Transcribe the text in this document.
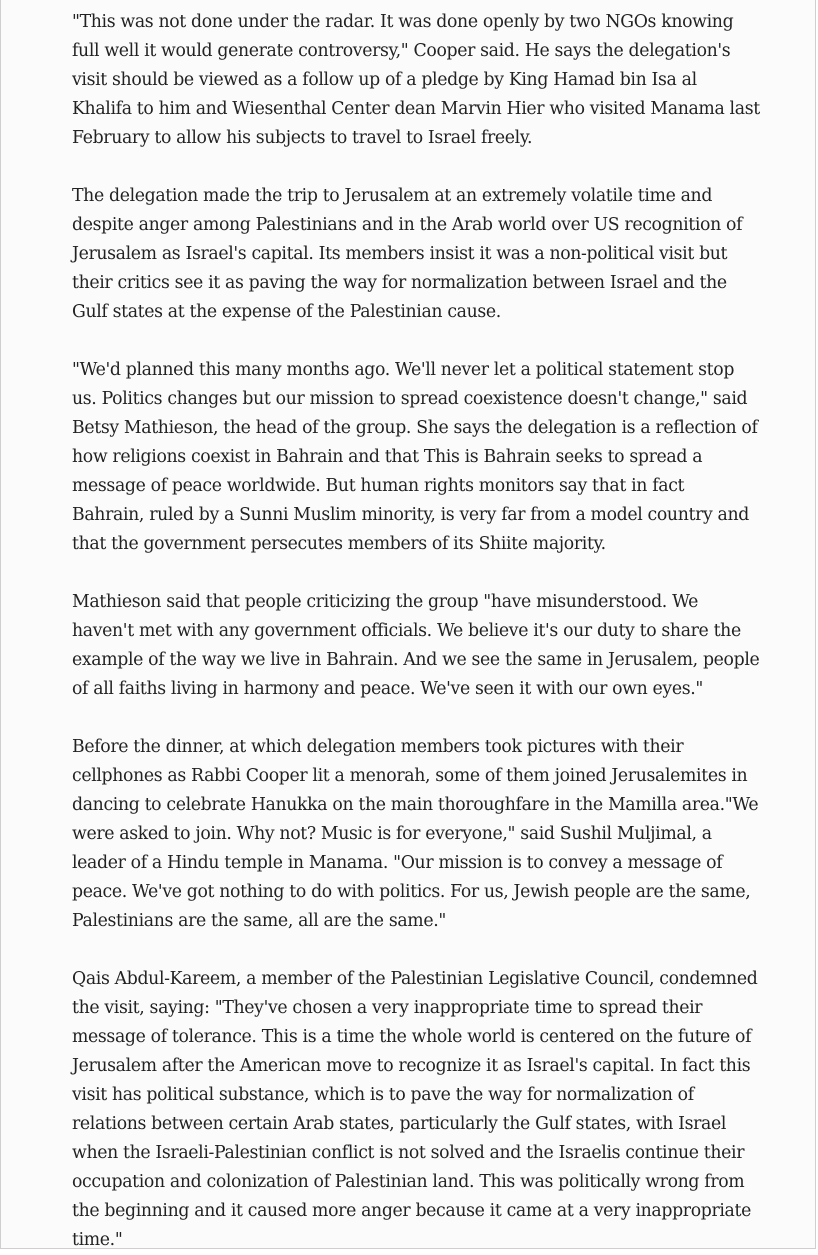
"This was not done under the radar. It was done openly by two NGOs knowing full well it would generate controversy," Cooper said. He says the delegation's visit should be viewed as a follow up of a pledge by King Hamad bin Isa al Khalifa to him and Wiesenthal Center dean Marvin Hier who visited Manama last February to allow his subjects to travel to Israel freely.

The delegation made the trip to Jerusalem at an extremely volatile time and despite anger among Palestinians and in the Arab world over US recognition of Jerusalem as Israel's capital. Its members insist it was a non-political visit but their critics see it as paving the way for normalization between Israel and the Gulf states at the expense of the Palestinian cause.

"We'd planned this many months ago. We'll never let a political statement stop us. Politics changes but our mission to spread coexistence doesn't change," said Betsy Mathieson, the head of the group. She says the delegation is a reflection of how religions coexist in Bahrain and that This is Bahrain seeks to spread a message of peace worldwide. But human rights monitors say that in fact Bahrain, ruled by a Sunni Muslim minority, is very far from a model country and that the government persecutes members of its Shiite majority.

Mathieson said that people criticizing the group "have misunderstood. We haven't met with any government officials. We believe it's our duty to share the example of the way we live in Bahrain. And we see the same in Jerusalem, people of all faiths living in harmony and peace. We've seen it with our own eyes."

Before the dinner, at which delegation members took pictures with their cellphones as Rabbi Cooper lit a menorah, some of them joined Jerusalemites in dancing to celebrate Hanukka on the main thoroughfare in the Mamilla area."We were asked to join. Why not? Music is for everyone," said Sushil Muljimal, a leader of a Hindu temple in Manama. "Our mission is to convey a message of peace. We've got nothing to do with politics. For us, Jewish people are the same, Palestinians are the same, all are the same."

Qais Abdul-Kareem, a member of the Palestinian Legislative Council, condemned the visit, saying: "They've chosen a very inappropriate time to spread their message of tolerance. This is a time the whole world is centered on the future of Jerusalem after the American move to recognize it as Israel's capital. In fact this visit has political substance, which is to pave the way for normalization of relations between certain Arab states, particularly the Gulf states, with Israel when the Israeli-Palestinian conflict is not solved and the Israelis continue their occupation and colonization of Palestinian land. This was politically wrong from the beginning and it caused more anger because it came at a very inappropriate time."
